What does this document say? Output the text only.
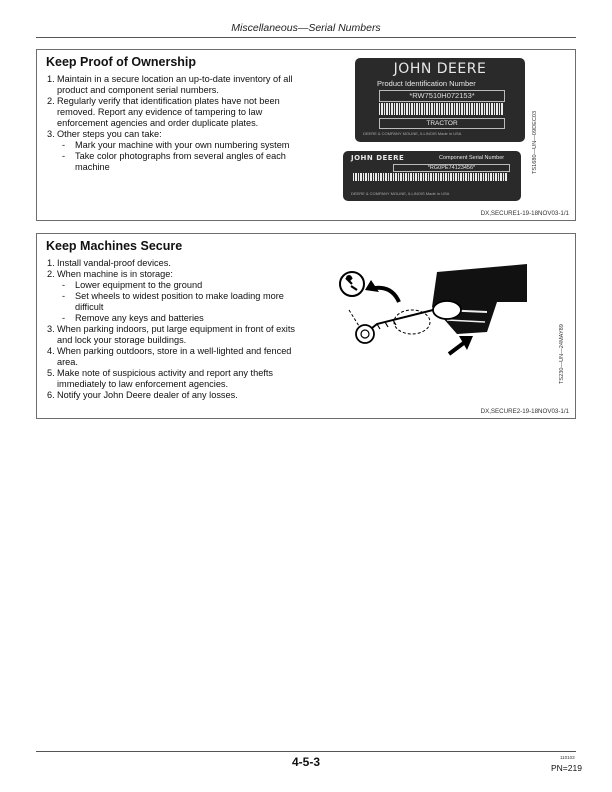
Miscellaneous—Serial Numbers
Keep Proof of Ownership
1. Maintain in a secure location an up-to-date inventory of all product and component serial numbers.
2. Regularly verify that identification plates have not been removed. Report any evidence of tampering to law enforcement agencies and order duplicate plates.
3. Other steps you can take:
- Mark your machine with your own numbering system
- Take color photographs from several angles of each machine
JOHN DEERE
Product Identification Number
*RW7510H072153*
TRACTOR
DEERE & COMPANY MOLINE, ILLINOIS Made in USA
JOHN DEERE	Component Serial Number
*RG0PE74123456*
DEERE & COMPANY MOLINE, ILLINOIS Made in USA
TS1680—UN—09DEC03
DX,SECURE1-19-18NOV03-1/1
Keep Machines Secure
1. Install vandal-proof devices.
2. When machine is in storage:
- Lower equipment to the ground
- Set wheels to widest position to make loading more difficult
- Remove any keys and batteries
3. When parking indoors, put large equipment in front of exits and lock your storage buildings.
4. When parking outdoors, store in a well-lighted and fenced area.
5. Make note of suspicious activity and report any thefts immediately to law enforcement agencies.
6. Notify your John Deere dealer of any losses.
TS230—UN—24MAY89
DX,SECURE2-19-18NOV03-1/1
4-5-3	110103
PN=219
